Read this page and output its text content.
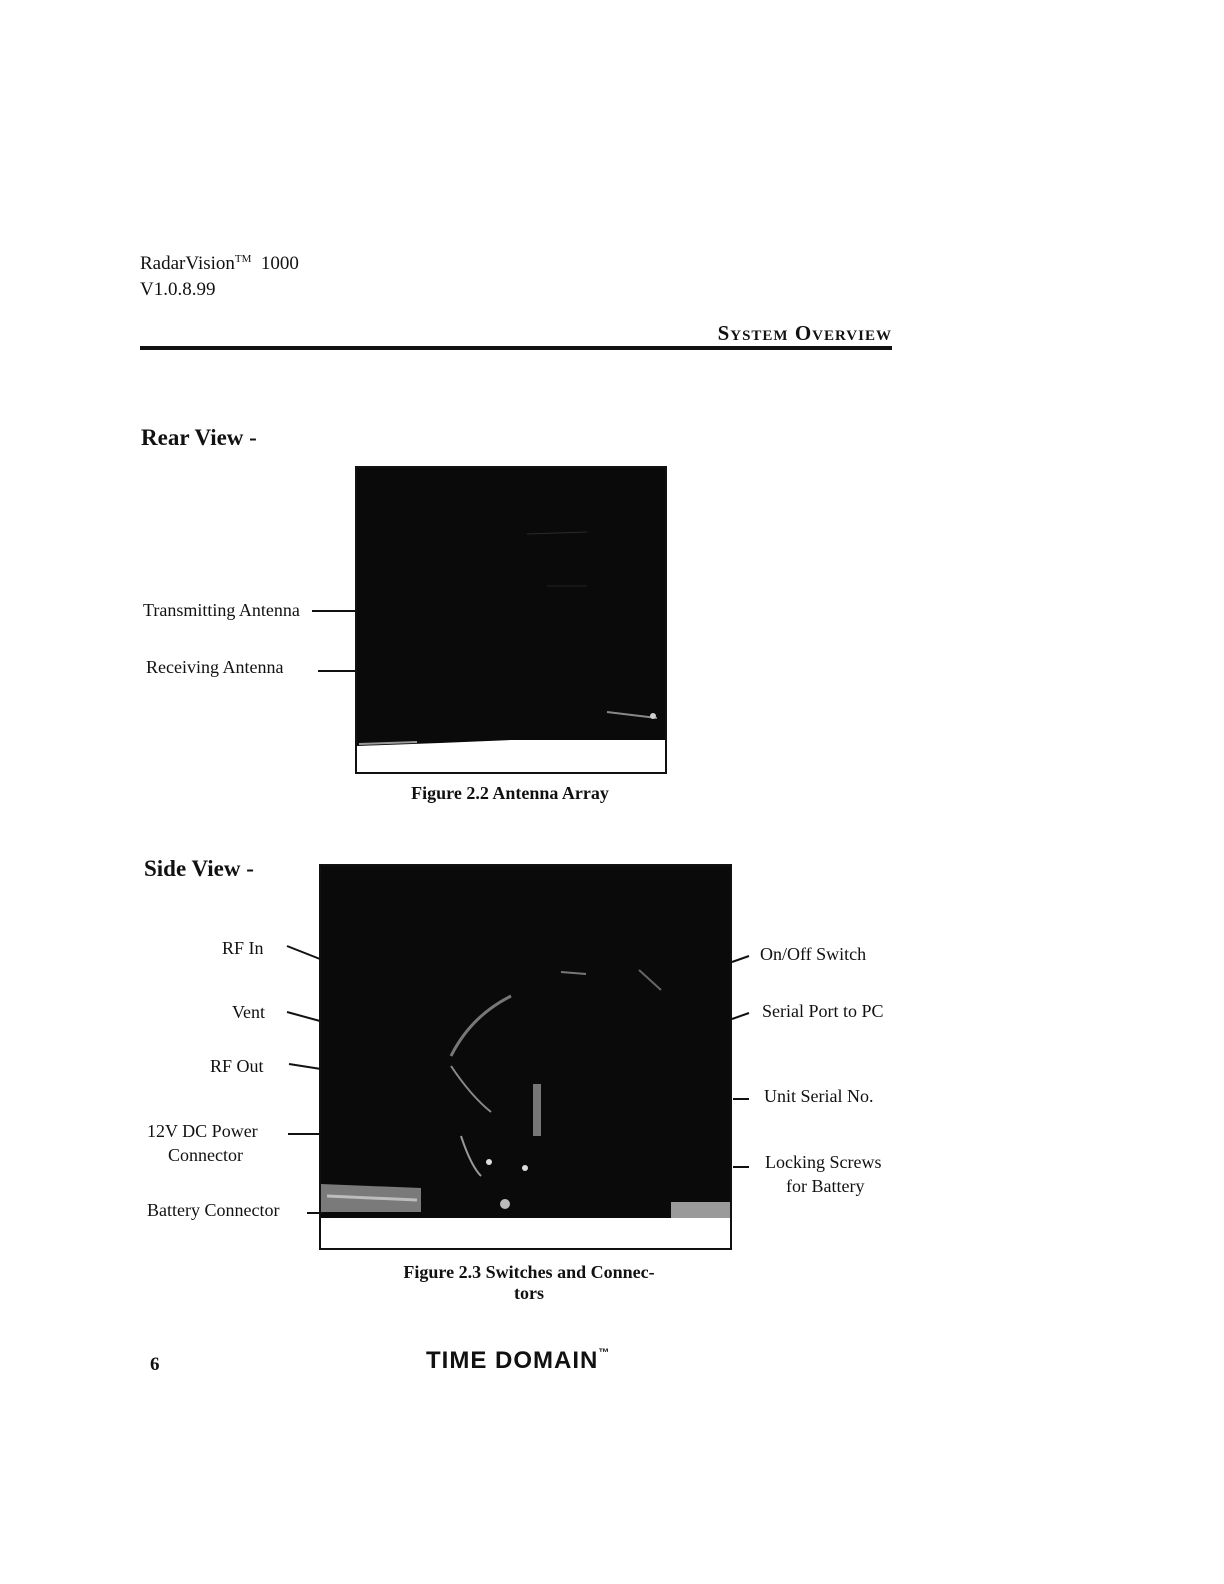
RadarVision™ 1000
V1.0.8.99
System Overview
Rear View -
Transmitting Antenna
Receiving Antenna
Figure 2.2 Antenna Array
Side View -
RF In
Vent
RF Out
12V DC Power
Connector
Battery Connector
On/Off Switch
Serial Port to PC
Unit Serial No.
Locking Screws
for Battery
Figure 2.3 Switches and Connec-
tors
6	TIME DOMAIN™
